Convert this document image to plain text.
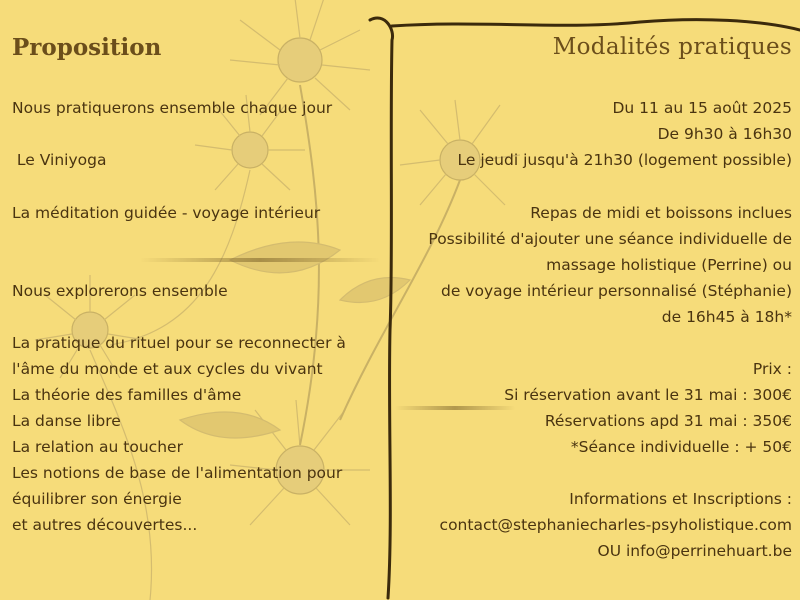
Proposition
Nous pratiquerons ensemble chaque jour
Le Viniyoga
La méditation guidée - voyage intérieur
Nous explorerons ensemble
La pratique du rituel pour se reconnecter à
l'âme du monde et aux cycles du vivant
La théorie des familles d'âme
La danse libre
La relation au toucher
Les notions de base de l'alimentation pour
équilibrer son énergie
et autres découvertes...
Modalités pratiques
Du 11 au 15 août 2025
De 9h30 à 16h30
Le jeudi jusqu'à 21h30 (logement possible)
Repas de midi et boissons inclues
Possibilité d'ajouter une séance individuelle de
massage holistique (Perrine) ou
de voyage intérieur personnalisé (Stéphanie)
de 16h45 à 18h*
Prix :
Si réservation avant le 31 mai : 300€
Réservations apd 31 mai : 350€
*Séance individuelle : + 50€
Informations et Inscriptions :
contact@stephaniecharles-psyholistique.com
OU info@perrinehuart.be
